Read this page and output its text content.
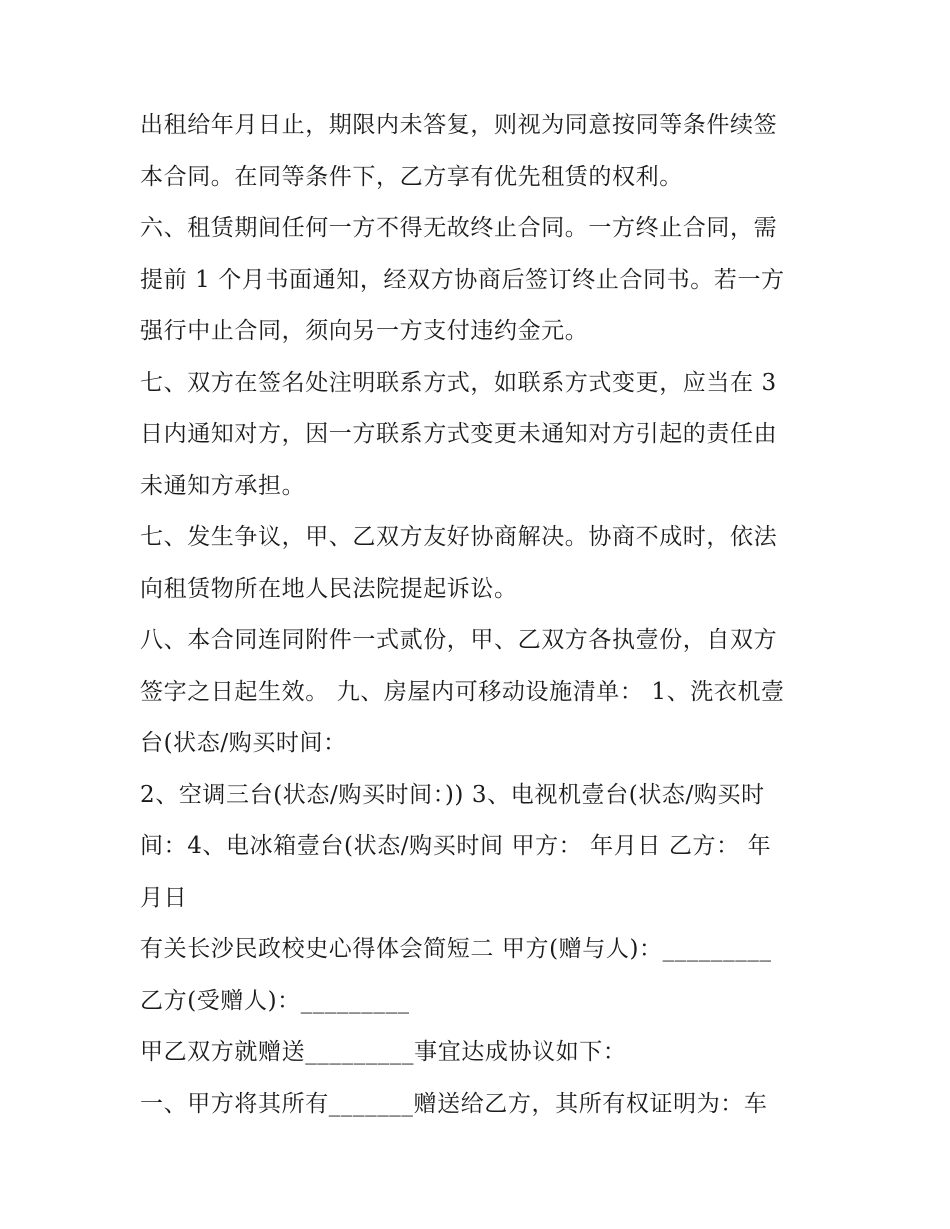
出租给年月日止，期限内未答复，则视为同意按同等条件续签

本合同。在同等条件下，乙方享有优先租赁的权利。

六、租赁期间任何一方不得无故终止合同。一方终止合同，需

提前 1 个月书面通知，经双方协商后签订终止合同书。若一方

强行中止合同，须向另一方支付违约金元。

七、双方在签名处注明联系方式，如联系方式变更，应当在 3

日内通知对方，因一方联系方式变更未通知对方引起的责任由

未通知方承担。

七、发生争议，甲、乙双方友好协商解决。协商不成时，依法

向租赁物所在地人民法院提起诉讼。

八、本合同连同附件一式贰份，甲、乙双方各执壹份，自双方

签字之日起生效。 九、房屋内可移动设施清单： 1、洗衣机壹

台(状态/购买时间：

2、空调三台(状态/购买时间：)) 3、电视机壹台(状态/购买时

间：4、电冰箱壹台(状态/购买时间 甲方： 年月日 乙方： 年

月日

有关长沙民政校史心得体会简短二 甲方(赠与人)：_________

乙方(受赠人)：_________

甲乙双方就赠送_________事宜达成协议如下：

一、甲方将其所有_______赠送给乙方，其所有权证明为：车
